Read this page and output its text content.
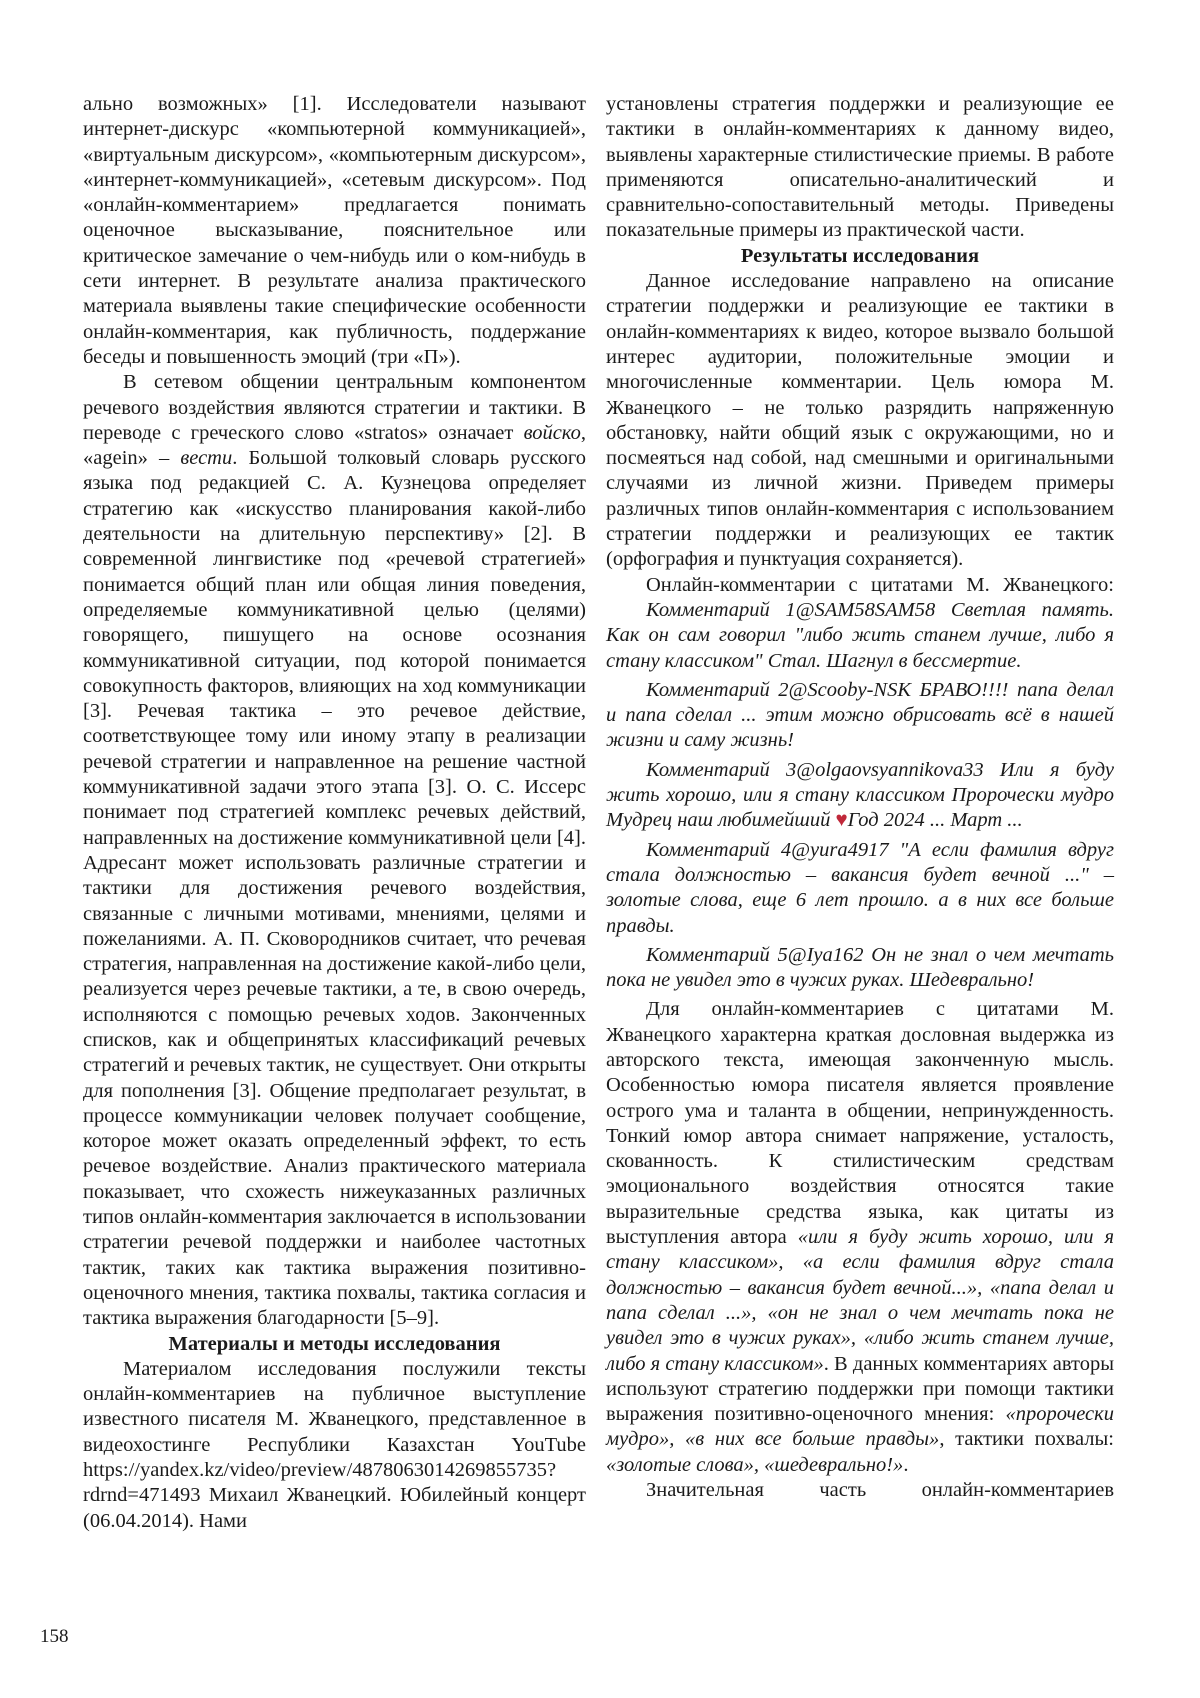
ально возможных» [1]. Исследователи называют интернет-дискурс «компьютерной коммуникацией», «виртуальным дискурсом», «компьютерным дискурсом», «интернет-коммуникацией», «сетевым дискурсом». Под «онлайн-комментарием» предлагается понимать оценочное высказывание, пояснительное или критическое замечание о чем-нибудь или о ком-нибудь в сети интернет. В результате анализа практического материала выявлены такие специфические особенности онлайн-комментария, как публичность, поддержание беседы и повышенность эмоций (три «П»).

В сетевом общении центральным компонентом речевого воздействия являются стратегии и тактики. В переводе с греческого слово «stratos» означает войско, «agein» – вести. Большой толковый словарь русского языка под редакцией С. А. Кузнецова определяет стратегию как «искусство планирования какой-либо деятельности на длительную перспективу» [2]. В современной лингвистике под «речевой стратегией» понимается общий план или общая линия поведения, определяемые коммуникативной целью (целями) говорящего, пишущего на основе осознания коммуникативной ситуации, под которой понимается совокупность факторов, влияющих на ход коммуникации [3]. Речевая тактика – это речевое действие, соответствующее тому или иному этапу в реализации речевой стратегии и направленное на решение частной коммуникативной задачи этого этапа [3]. О. С. Иссерс понимает под стратегией комплекс речевых действий, направленных на достижение коммуникативной цели [4]. Адресант может использовать различные стратегии и тактики для достижения речевого воздействия, связанные с личными мотивами, мнениями, целями и пожеланиями. А. П. Сковородников считает, что речевая стратегия, направленная на достижение какой-либо цели, реализуется через речевые тактики, а те, в свою очередь, исполняются с помощью речевых ходов. Законченных списков, как и общепринятых классификаций речевых стратегий и речевых тактик, не существует. Они открыты для пополнения [3]. Общение предполагает результат, в процессе коммуникации человек получает сообщение, которое может оказать определенный эффект, то есть речевое воздействие. Анализ практического материала показывает, что схожесть нижеуказанных различных типов онлайн-комментария заключается в использовании стратегии речевой поддержки и наиболее частотных тактик, таких как тактика выражения позитивно-оценочного мнения, тактика похвалы, тактика согласия и тактика выражения благодарности [5–9].

Материалы и методы исследования

Материалом исследования послужили тексты онлайн-комментариев на публичное выступление известного писателя М. Жванецкого, представленное в видеохостинге Республики Казахстан YouTube https://yandex.kz/video/preview/4878063014269855735?rdrnd=471493 Михаил Жванецкий. Юбилейный концерт (06.04.2014). Нами

установлены стратегия поддержки и реализующие ее тактики в онлайн-комментариях к данному видео, выявлены характерные стилистические приемы. В работе применяются описательно-аналитический и сравнительно-сопоставительный методы. Приведены показательные примеры из практической части.

Результаты исследования

Данное исследование направлено на описание стратегии поддержки и реализующие ее тактики в онлайн-комментариях к видео, которое вызвало большой интерес аудитории, положительные эмоции и многочисленные комментарии. Цель юмора М. Жванецкого – не только разрядить напряженную обстановку, найти общий язык с окружающими, но и посмеяться над собой, над смешными и оригинальными случаями из личной жизни. Приведем примеры различных типов онлайн-комментария с использованием стратегии поддержки и реализующих ее тактик (орфография и пунктуация сохраняется).

Онлайн-комментарии с цитатами М. Жванецкого:

Комментарий 1@SAM58SAM58 Светлая память. Как он сам говорил "либо жить станем лучше, либо я стану классиком" Стал. Шагнул в бессмертие.

Комментарий 2@Scooby-NSK БРАВО!!!! папа делал и папа сделал ... этим можно обрисовать всё в нашей жизни и саму жизнь!

Комментарий 3@olgaovsyannikova33 Или я буду жить хорошо, или я стану классиком Пророчески мудро Мудрец наш любимейший ♥Год 2024 ... Март ...

Комментарий 4@yura4917 "А если фамилия вдруг стала должностью – вакансия будет вечной ..." – золотые слова, еще 6 лет прошло. а в них все больше правды.

Комментарий 5@Iya162 Он не знал о чем мечтать пока не увидел это в чужих руках. Шедеврально!

Для онлайн-комментариев с цитатами М. Жванецкого характерна краткая дословная выдержка из авторского текста, имеющая законченную мысль. Особенностью юмора писателя является проявление острого ума и таланта в общении, непринужденность. Тонкий юмор автора снимает напряжение, усталость, скованность. К стилистическим средствам эмоционального воздействия относятся такие выразительные средства языка, как цитаты из выступления автора «или я буду жить хорошо, или я стану классиком», «а если фамилия вдруг стала должностью – вакансия будет вечной...», «папа делал и папа сделал ...», «он не знал о чем мечтать пока не увидел это в чужих руках», «либо жить станем лучше, либо я стану классиком». В данных комментариях авторы используют стратегию поддержки при помощи тактики выражения позитивно-оценочного мнения: «пророчески мудро», «в них все больше правды», тактики похвалы: «золотые слова», «шедеврально!».

Значительная часть онлайн-комментариев

158
